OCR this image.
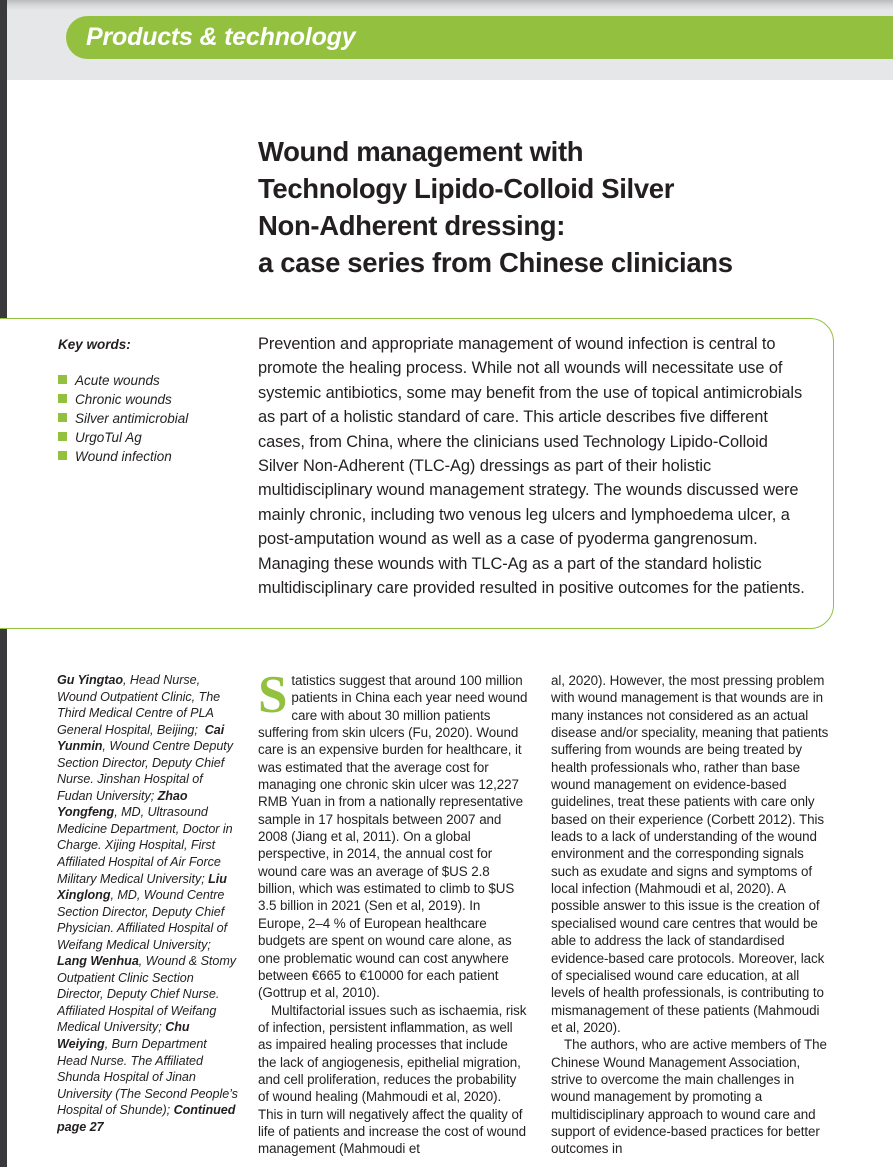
Products & technology
Wound management with
Technology Lipido-Colloid Silver
Non-Adherent dressing:
a case series from Chinese clinicians
Key words:
Acute wounds
Chronic wounds
Silver antimicrobial
UrgoTul Ag
Wound infection
Prevention and appropriate management of wound infection is central to promote the healing process. While not all wounds will necessitate use of systemic antibiotics, some may benefit from the use of topical antimicrobials as part of a holistic standard of care. This article describes five different cases, from China, where the clinicians used Technology Lipido-Colloid Silver Non-Adherent (TLC-Ag) dressings as part of their holistic multidisciplinary wound management strategy. The wounds discussed were mainly chronic, including two venous leg ulcers and lymphoedema ulcer, a post-amputation wound as well as a case of pyoderma gangrenosum. Managing these wounds with TLC-Ag as a part of the standard holistic multidisciplinary care provided resulted in positive outcomes for the patients.
Gu Yingtao, Head Nurse, Wound Outpatient Clinic, The Third Medical Centre of PLA General Hospital, Beijing;  Cai Yunmin, Wound Centre Deputy Section Director, Deputy Chief Nurse. Jinshan Hospital of Fudan University; Zhao Yongfeng, MD, Ultrasound Medicine Department, Doctor in Charge. Xijing Hospital, First Affiliated Hospital of Air Force Military Medical University; Liu Xinglong, MD, Wound Centre Section Director, Deputy Chief Physician. Affiliated Hospital of Weifang Medical University; Lang Wenhua, Wound & Stomy Outpatient Clinic Section Director, Deputy Chief Nurse. Affiliated Hospital of Weifang Medical University; Chu Weiying, Burn Department Head Nurse. The Affiliated Shunda Hospital of Jinan University (The Second People’s Hospital of Shunde); Continued page 27

Statistics suggest that around 100 million patients in China each year need wound care with about 30 million patients suffering from skin ulcers (Fu, 2020). Wound care is an expensive burden for healthcare, it was estimated that the average cost for managing one chronic skin ulcer was 12,227 RMB Yuan in from a nationally representative sample in 17 hospitals between 2007 and 2008 (Jiang et al, 2011). On a global perspective, in 2014, the annual cost for wound care was an average of $US 2.8 billion, which was estimated to climb to $US 3.5 billion in 2021 (Sen et al, 2019). In Europe, 2–4 % of European healthcare budgets are spent on wound care alone, as one problematic wound can cost anywhere between €665 to €10000 for each patient (Gottrup et al, 2010).

Multifactorial issues such as ischaemia, risk of infection, persistent inflammation, as well as impaired healing processes that include the lack of angiogenesis, epithelial migration, and cell proliferation, reduces the probability of wound healing (Mahmoudi et al, 2020). This in turn will negatively affect the quality of life of patients and increase the cost of wound management (Mahmoudi et

al, 2020). However, the most pressing problem with wound management is that wounds are in many instances not considered as an actual disease and/or speciality, meaning that patients suffering from wounds are being treated by health professionals who, rather than base wound management on evidence-based guidelines, treat these patients with care only based on their experience (Corbett 2012). This leads to a lack of understanding of the wound environment and the corresponding signals such as exudate and signs and symptoms of local infection (Mahmoudi et al, 2020). A possible answer to this issue is the creation of specialised wound care centres that would be able to address the lack of standardised evidence-based care protocols. Moreover, lack of specialised wound care education, at all levels of health professionals, is contributing to mismanagement of these patients (Mahmoudi et al, 2020).

The authors, who are active members of The Chinese Wound Management Association, strive to overcome the main challenges in wound management by promoting a multidisciplinary approach to wound care and support of evidence-based practices for better outcomes in
